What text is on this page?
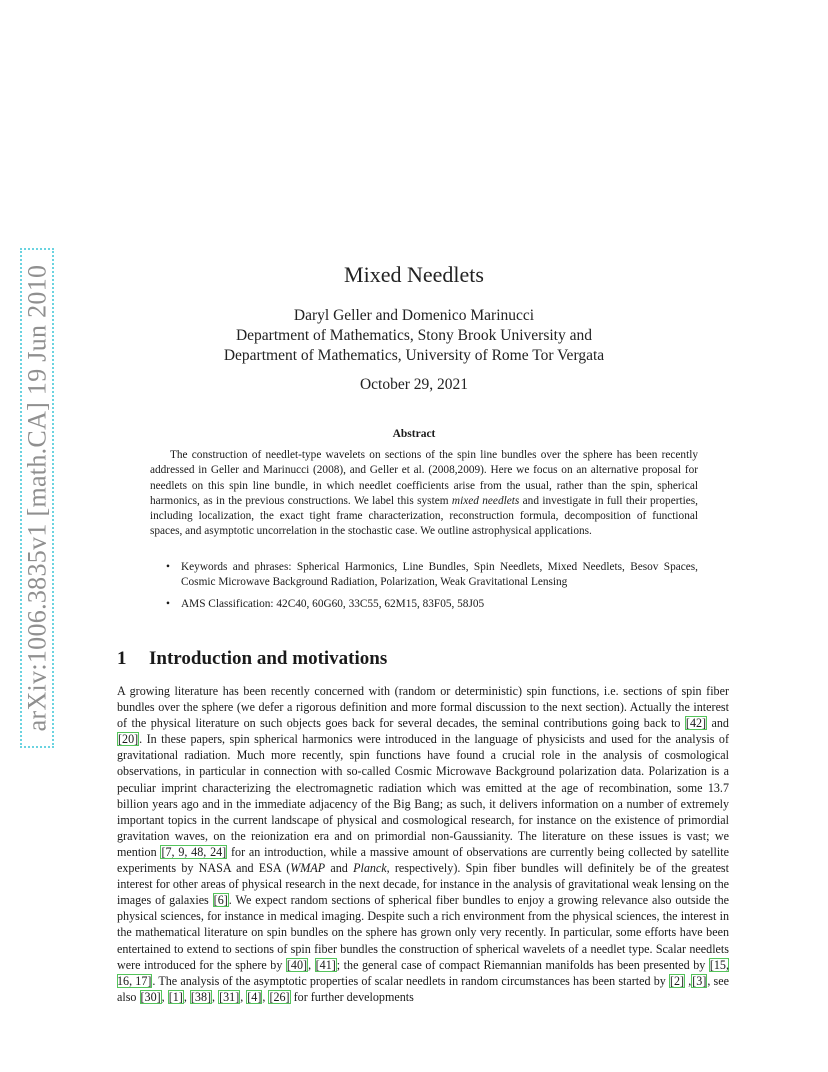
arXiv:1006.3835v1 [math.CA] 19 Jun 2010	Mixed Needlets
Daryl Geller and Domenico Marinucci
Department of Mathematics, Stony Brook University and
Department of Mathematics, University of Rome Tor Vergata
October 29, 2021
Abstract

The construction of needlet-type wavelets on sections of the spin line bundles over the sphere has been recently addressed in Geller and Marinucci (2008), and Geller et al. (2008,2009). Here we focus on an alternative proposal for needlets on this spin line bundle, in which needlet coefficients arise from the usual, rather than the spin, spherical harmonics, as in the previous constructions. We label this system mixed needlets and investigate in full their properties, including localization, the exact tight frame characterization, reconstruction formula, decomposition of functional spaces, and asymptotic uncorrelation in the stochastic case. We outline astrophysical applications.

• Keywords and phrases: Spherical Harmonics, Line Bundles, Spin Needlets, Mixed Needlets, Besov Spaces, Cosmic Microwave Background Radiation, Polarization, Weak Gravitational Lensing
• AMS Classification: 42C40, 60G60, 33C55, 62M15, 83F05, 58J05
1 Introduction and motivations

A growing literature has been recently concerned with (random or deterministic) spin functions, i.e. sections of spin fiber bundles over the sphere (we defer a rigorous definition and more formal discussion to the next section). Actually the interest of the physical literature on such objects goes back for several decades, the seminal contributions going back to [42] and [20]. In these papers, spin spherical harmonics were introduced in the language of physicists and used for the analysis of gravitational radiation. Much more recently, spin functions have found a crucial role in the analysis of cosmological observations, in particular in connection with so-called Cosmic Microwave Background polarization data. Polarization is a peculiar imprint characterizing the electromagnetic radiation which was emitted at the age of recombination, some 13.7 billion years ago and in the immediate adjacency of the Big Bang; as such, it delivers information on a number of extremely important topics in the current landscape of physical and cosmological research, for instance on the existence of primordial gravitation waves, on the reionization era and on primordial non-Gaussianity. The literature on these issues is vast; we mention [7, 9, 48, 24] for an introduction, while a massive amount of observations are currently being collected by satellite experiments by NASA and ESA (WMAP and Planck, respectively). Spin fiber bundles will definitely be of the greatest interest for other areas of physical research in the next decade, for instance in the analysis of gravitational weak lensing on the images of galaxies [6]. We expect random sections of spherical fiber bundles to enjoy a growing relevance also outside the physical sciences, for instance in medical imaging. Despite such a rich environment from the physical sciences, the interest in the mathematical literature on spin bundles on the sphere has grown only very recently. In particular, some efforts have been entertained to extend to sections of spin fiber bundles the construction of spherical wavelets of a needlet type. Scalar needlets were introduced for the sphere by [40], [41]; the general case of compact Riemannian manifolds has been presented by [15, 16, 17]. The analysis of the asymptotic properties of scalar needlets in random circumstances has been started by [2] ,[3], see also [30], [1], [38], [31], [4], [26] for further developments
